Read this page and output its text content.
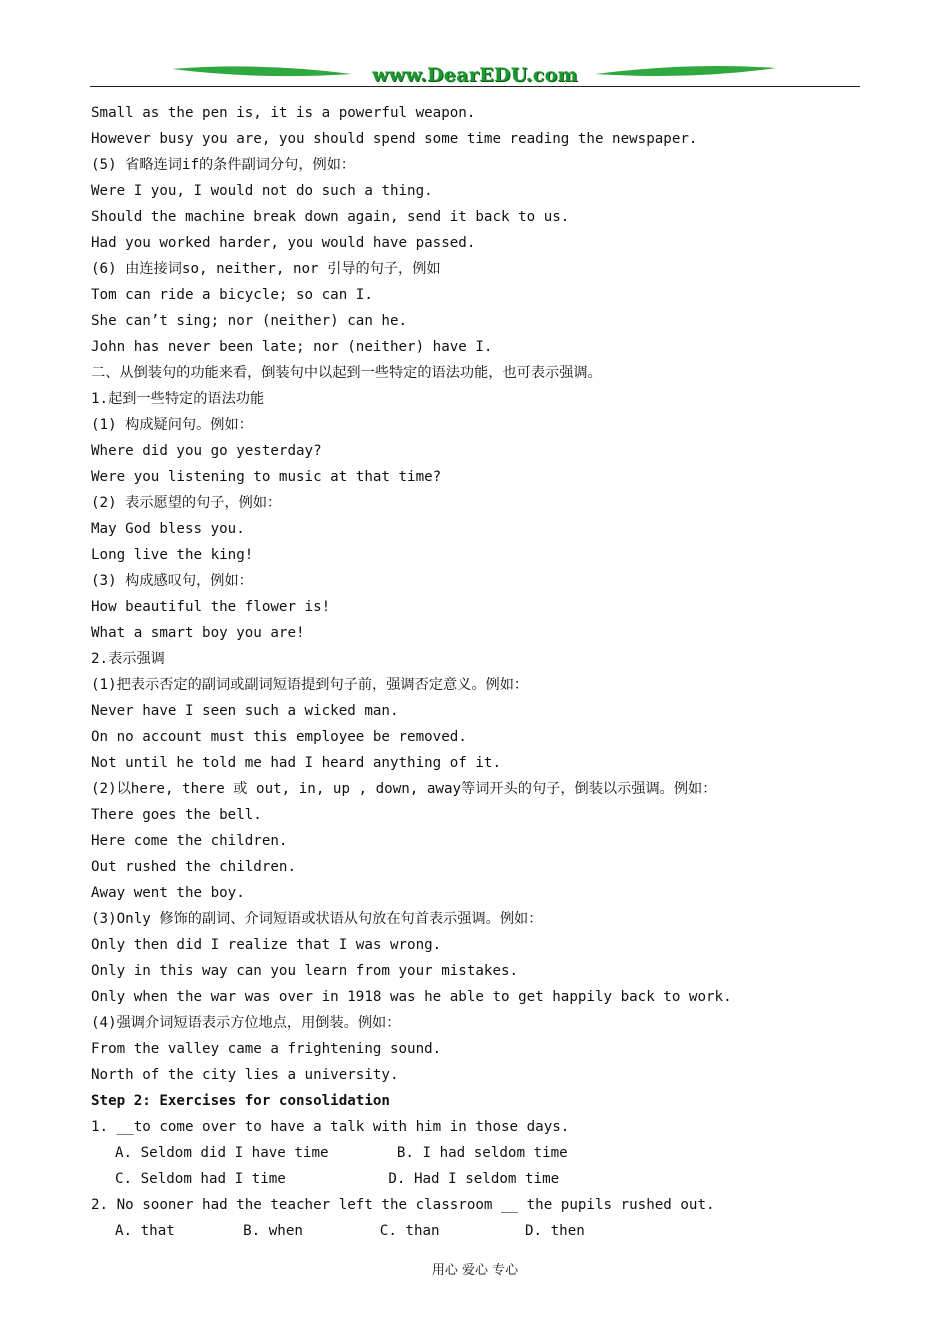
www.DearEDU.com
Small as the pen is, it is a powerful weapon.
However busy you are, you should spend some time reading the newspaper.
(5) 省略连词if的条件副词分句，例如：
Were I you, I would not do such a thing.
Should the machine break down again, send it back to us.
Had you worked harder, you would have passed.
(6) 由连接词so, neither, nor 引导的句子，例如
Tom can ride a bicycle; so can I.
She can’t sing; nor (neither) can he.
John has never been late; nor (neither) have I.
二、从倒装句的功能来看，倒装句中以起到一些特定的语法功能，也可表示强调。
1.起到一些特定的语法功能
(1) 构成疑问句。例如：
Where did you go yesterday?
Were you listening to music at that time?
(2) 表示愿望的句子，例如：
May God bless you.
Long live the king!
(3) 构成感叹句，例如：
How beautiful the flower is!
What a smart boy you are!
2.表示强调
(1)把表示否定的副词或副词短语提到句子前，强调否定意义。例如：
Never have I seen such a wicked man.
On no account must this employee be removed.
Not until he told me had I heard anything of it.
(2)以here, there 或 out, in, up , down, away等词开头的句子，倒装以示强调。例如：
There goes the bell.
Here come the children.
Out rushed the children.
Away went the boy.
(3)Only 修饰的副词、介词短语或状语从句放在句首表示强调。例如：
Only then did I realize that I was wrong.
Only in this way can you learn from your mistakes.
Only when the war was over in 1918 was he able to get happily back to work.
(4)强调介词短语表示方位地点，用倒装。例如：
From the valley came a frightening sound.
North of the city lies a university.
Step 2: Exercises for consolidation
1. __to come over to have a talk with him in those days.
A. Seldom did I have time        B. I had seldom time
C. Seldom had I time            D. Had I seldom time
2. No sooner had the teacher left the classroom __ the pupils rushed out.
A. that        B. when         C. than          D. then
用心 爱心 专心
